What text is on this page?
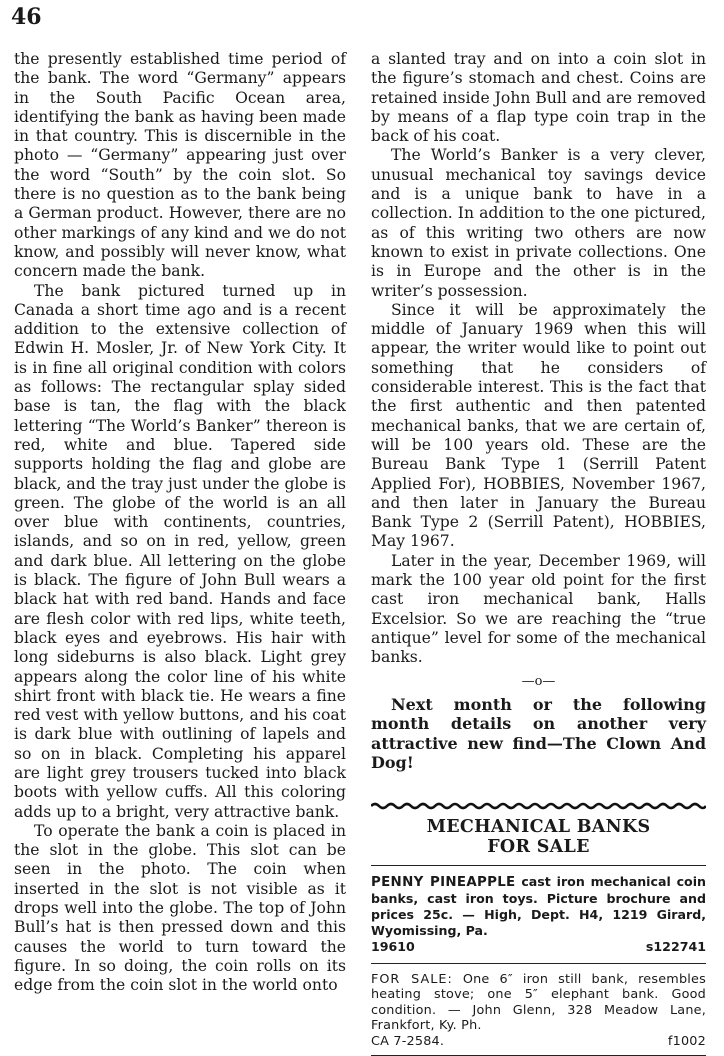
46

the presently established time period of the bank. The word “Germany” appears in the South Pacific Ocean area, identifying the bank as having been made in that country. This is discernible in the photo — “Germany” appearing just over the word “South” by the coin slot. So there is no question as to the bank being a German product. However, there are no other markings of any kind and we do not know, and possibly will never know, what concern made the bank.

The bank pictured turned up in Canada a short time ago and is a recent addition to the extensive collection of Edwin H. Mosler, Jr. of New York City. It is in fine all original condition with colors as follows: The rectangular splay sided base is tan, the flag with the black lettering “The World’s Banker” thereon is red, white and blue. Tapered side supports holding the flag and globe are black, and the tray just under the globe is green. The globe of the world is an all over blue with continents, countries, islands, and so on in red, yellow, green and dark blue. All lettering on the globe is black. The figure of John Bull wears a black hat with red band. Hands and face are flesh color with red lips, white teeth, black eyes and eyebrows. His hair with long sideburns is also black. Light grey appears along the color line of his white shirt front with black tie. He wears a fine red vest with yellow buttons, and his coat is dark blue with outlining of lapels and so on in black. Completing his apparel are light grey trousers tucked into black boots with yellow cuffs. All this coloring adds up to a bright, very attractive bank.

To operate the bank a coin is placed in the slot in the globe. This slot can be seen in the photo. The coin when inserted in the slot is not visible as it drops well into the globe. The top of John Bull’s hat is then pressed down and this causes the world to turn toward the figure. In so doing, the coin rolls on its edge from the coin slot in the world onto

a slanted tray and on into a coin slot in the figure’s stomach and chest. Coins are retained inside John Bull and are removed by means of a flap type coin trap in the back of his coat.

The World’s Banker is a very clever, unusual mechanical toy savings device and is a unique bank to have in a collection. In addition to the one pictured, as of this writing two others are now known to exist in private collections. One is in Europe and the other is in the writer’s possession.

Since it will be approximately the middle of January 1969 when this will appear, the writer would like to point out something that he considers of considerable interest. This is the fact that the first authentic and then patented mechanical banks, that we are certain of, will be 100 years old. These are the Bureau Bank Type 1 (Serrill Patent Applied For), HOBBIES, November 1967, and then later in January the Bureau Bank Type 2 (Serrill Patent), HOBBIES, May 1967.

Later in the year, December 1969, will mark the 100 year old point for the first cast iron mechanical bank, Halls Excelsior. So we are reaching the “true antique” level for some of the mechanical banks.

—o—
Next month or the following month details on another very attractive new find—The Clown And Dog!
MECHANICAL BANKS
FOR SALE
PENNY PINEAPPLE cast iron mechanical coin banks, cast iron toys. Picture brochure and prices 25c. — High, Dept. H4, 1219 Girard, Wyomissing, Pa.
19610	s122741
FOR SALE: One 6″ iron still bank, resembles heating stove; one 5″ elephant bank. Good condition. — John Glenn, 328 Meadow Lane, Frankfort, Ky. Ph.
CA 7-2584.	f1002
